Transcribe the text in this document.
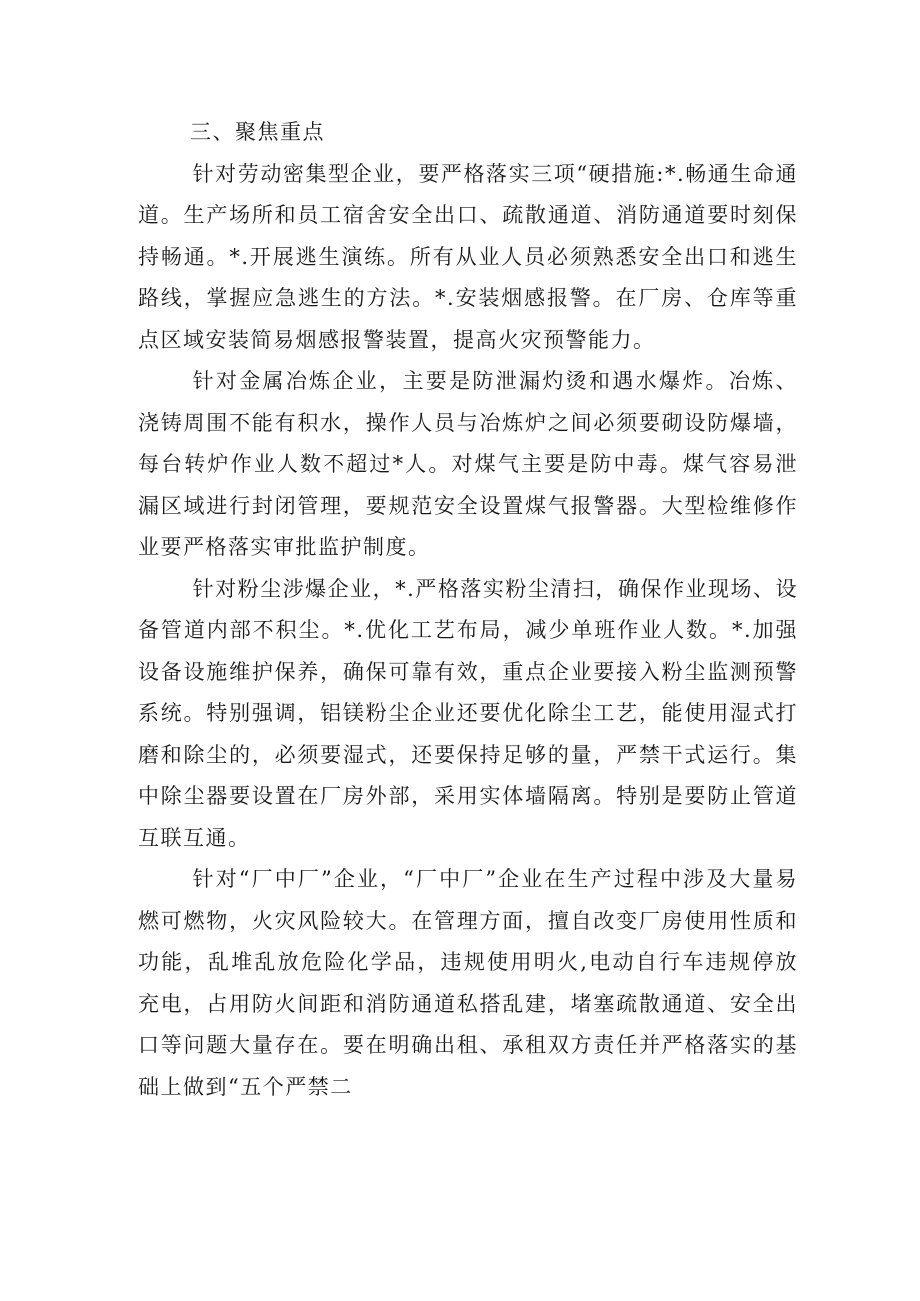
三、聚焦重点

针对劳动密集型企业，要严格落实三项“硬措施:*.畅通生命通道。生产场所和员工宿舍安全出口、疏散通道、消防通道要时刻保持畅通。*.开展逃生演练。所有从业人员必须熟悉安全出口和逃生路线，掌握应急逃生的方法。*.安装烟感报警。在厂房、仓库等重点区域安装简易烟感报警装置，提高火灾预警能力。

针对金属冶炼企业，主要是防泄漏灼烫和遇水爆炸。冶炼、浇铸周围不能有积水，操作人员与冶炼炉之间必须要砌设防爆墙，每台转炉作业人数不超过*人。对煤气主要是防中毒。煤气容易泄漏区域进行封闭管理，要规范安全设置煤气报警器。大型检维修作业要严格落实审批监护制度。

针对粉尘涉爆企业，*.严格落实粉尘清扫，确保作业现场、设备管道内部不积尘。*.优化工艺布局，减少单班作业人数。*.加强设备设施维护保养，确保可靠有效，重点企业要接入粉尘监测预警系统。特别强调，铝镁粉尘企业还要优化除尘工艺，能使用湿式打磨和除尘的，必须要湿式，还要保持足够的量，严禁干式运行。集中除尘器要设置在厂房外部，采用实体墙隔离。特别是要防止管道互联互通。

针对“厂中厂”企业，“厂中厂”企业在生产过程中涉及大量易燃可燃物，火灾风险较大。在管理方面，擅自改变厂房使用性质和功能，乱堆乱放危险化学品，违规使用明火,电动自行车违规停放充电，占用防火间距和消防通道私搭乱建，堵塞疏散通道、安全出口等问题大量存在。要在明确出租、承租双方责任并严格落实的基础上做到“五个严禁二
